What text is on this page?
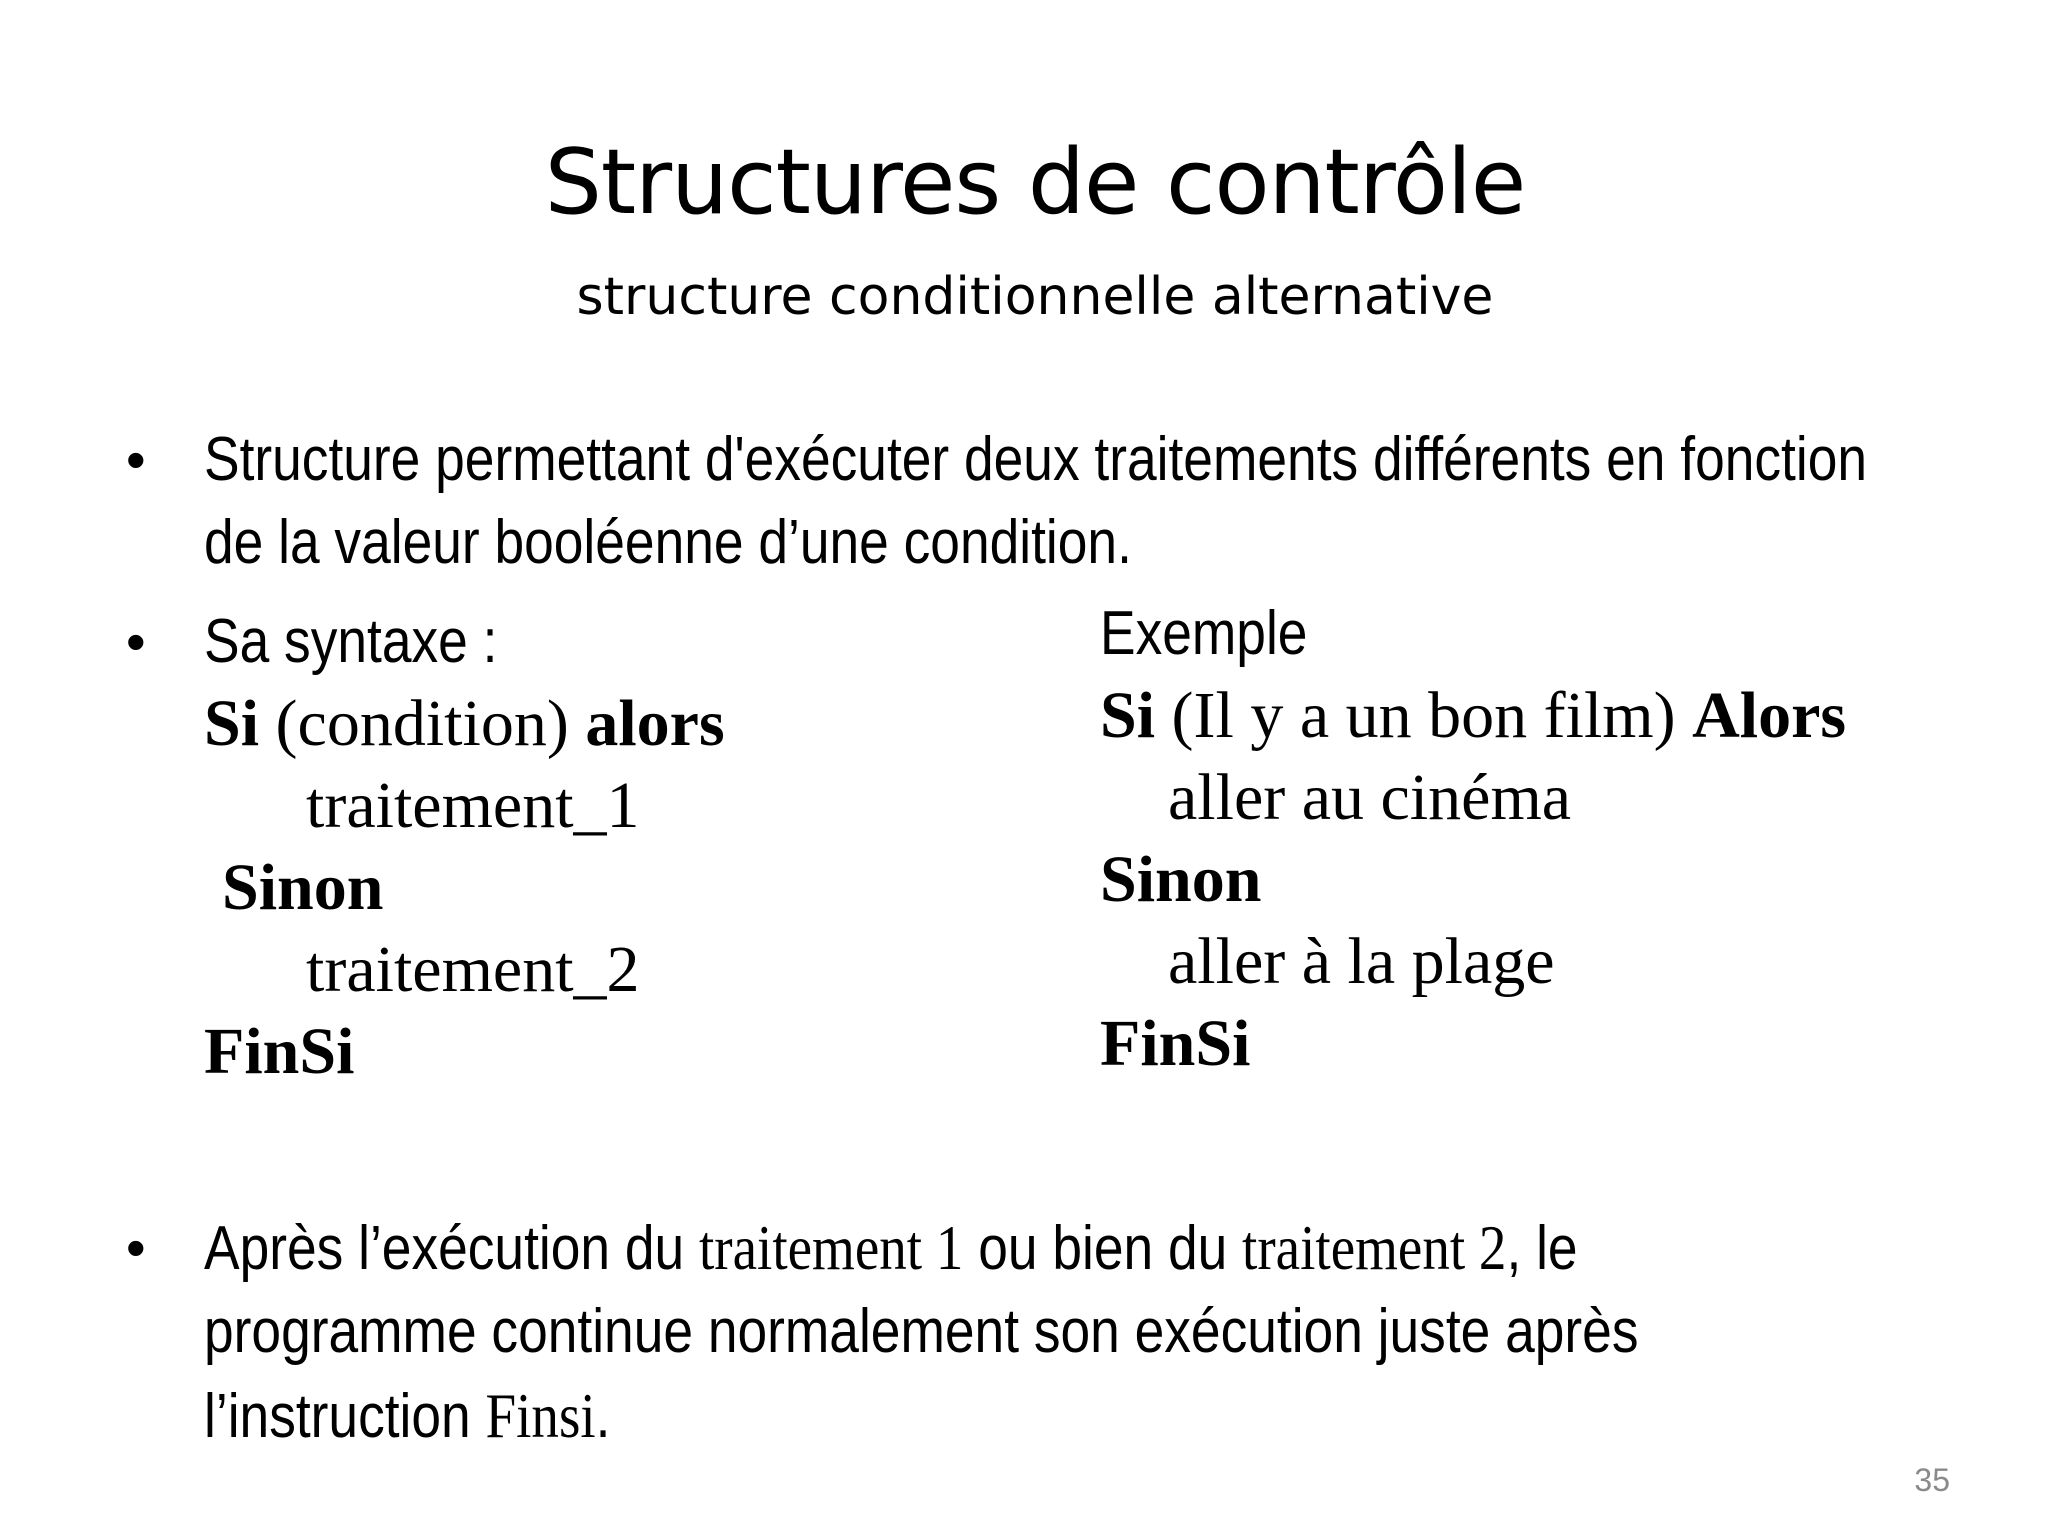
Structures de contrôle
structure conditionnelle alternative
• Structure permettant d'exécuter deux traitements différents en fonction
de la valeur booléenne d’une condition.
• Sa syntaxe :
Si (condition) alors
traitement_1
Sinon
traitement_2
FinSi
Exemple
Si (Il y a un bon film) Alors
aller au cinéma
Sinon
aller à la plage
FinSi
• Après l’exécution du traitement 1 ou bien du traitement 2, le
programme continue normalement son exécution juste après
l’instruction Finsi.
35
